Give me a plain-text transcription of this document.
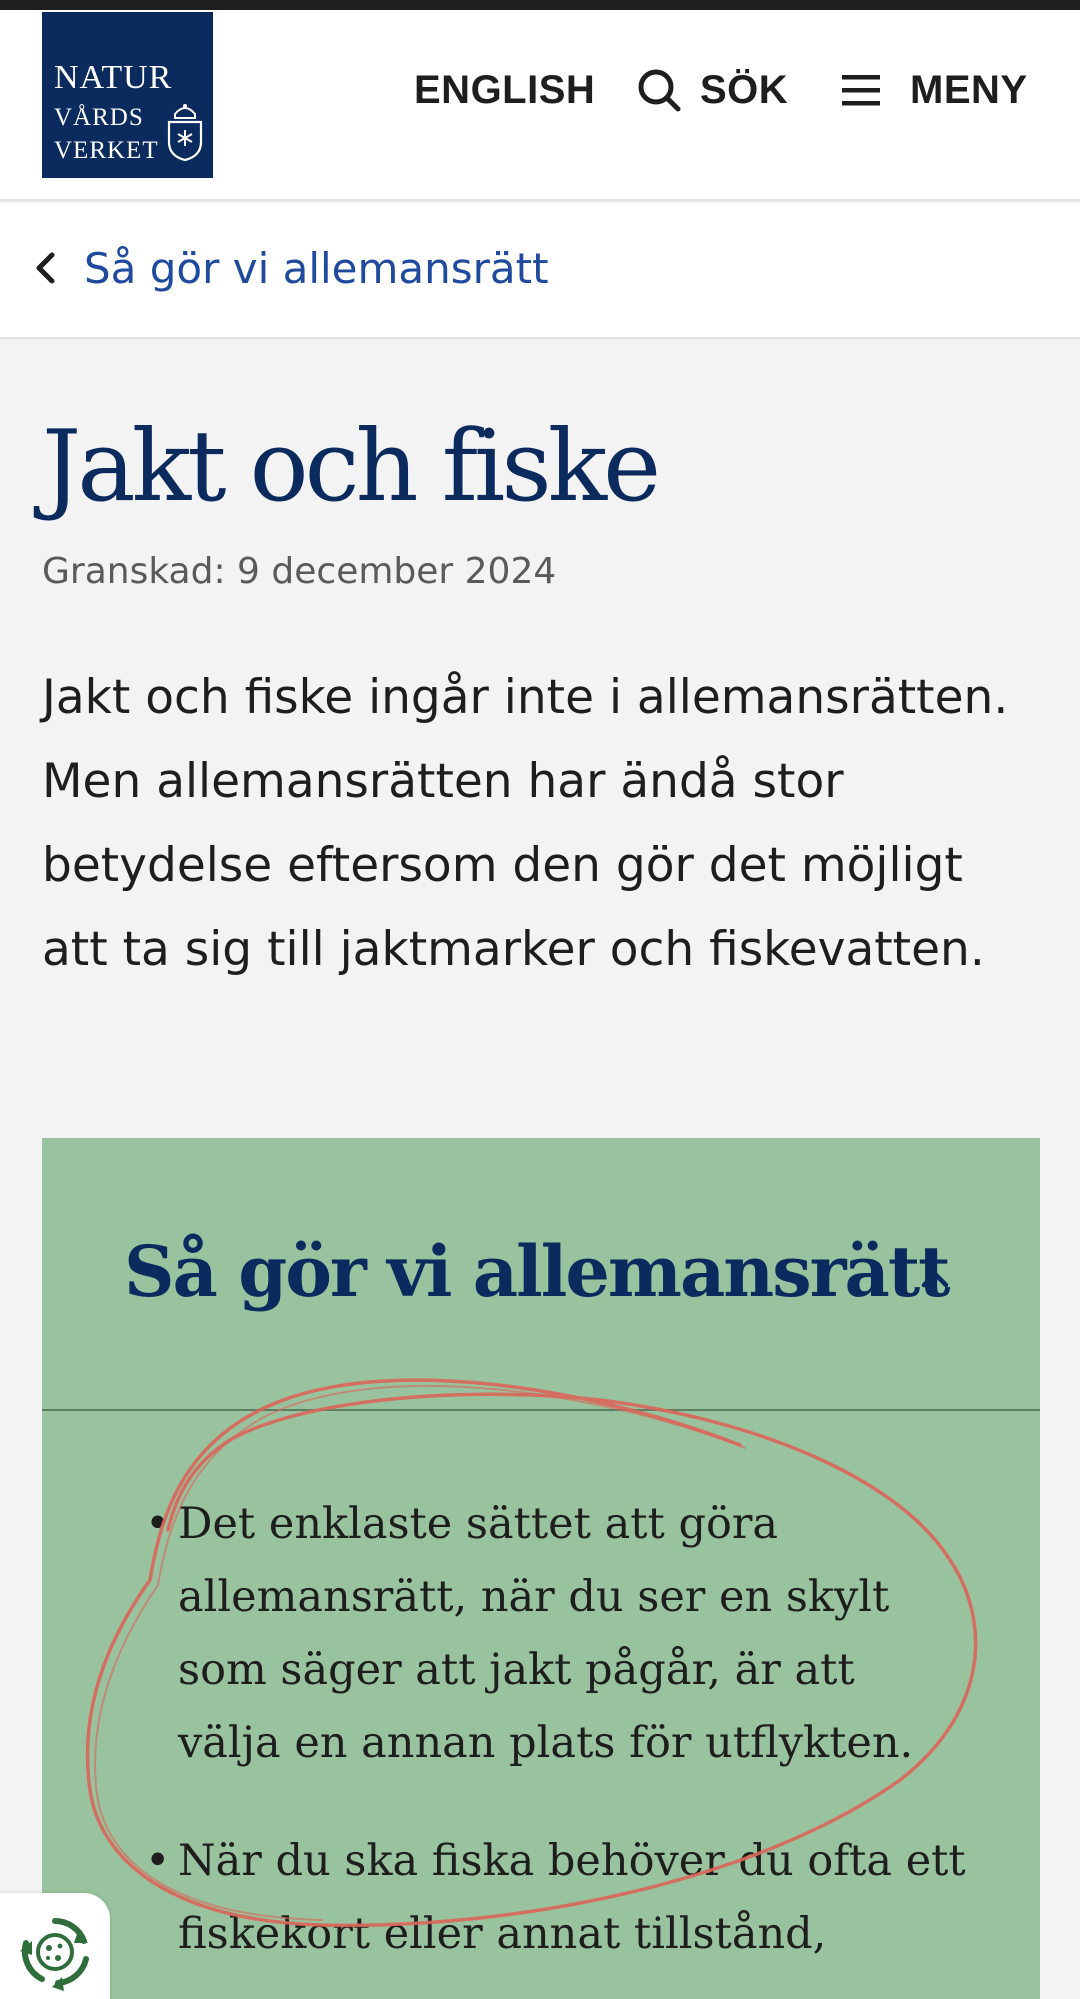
NATUR
VÅRDS
VERKET
ENGLISH	SÖK	MENY
Så gör vi allemansrätt
Jakt och fiske
Granskad: 9 december 2024

Jakt och fiske ingår inte i allemansrätten. Men allemansrätten har ändå stor betydelse eftersom den gör det möjligt att ta sig till jaktmarker och fiskevatten.

Så gör vi allemansrätt
• Det enklaste sättet att göra allemansrätt, när du ser en skylt som säger att jakt pågår, är att välja en annan plats för utflykten.
• När du ska fiska behöver du ofta ett fiskekort eller annat tillstånd,
